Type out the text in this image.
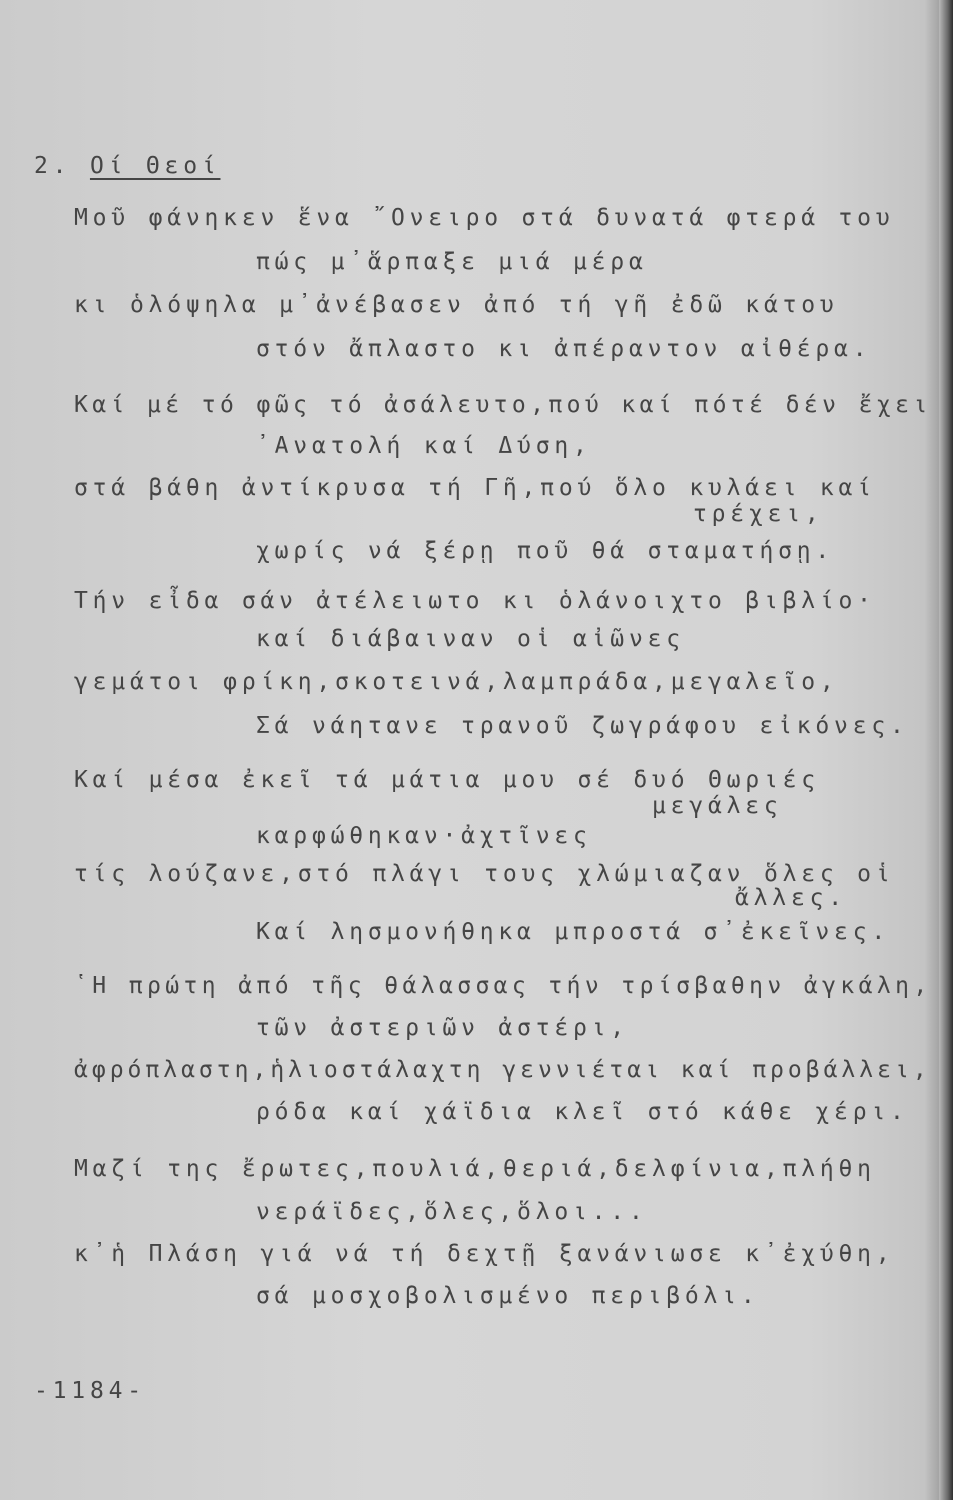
2. Οί Θεοί
Μοῦ φάνηκεν ἕνα ῎Ονειρο στά δυνατά φτερά του
πώς μ᾿ἅρπαξε μιά μέρα
κι ὁλόψηλα μ᾿ἀνέβασεν ἀπό τή γῆ ἐδῶ κάτου
στόν ἄπλαστο κι ἀπέραντον αἰθέρα.
Καί μέ τό φῶς τό ἀσάλευτο,πού καί πότέ δέν ἔχει
᾿Ανατολή καί Δύση,
στά βάθη ἀντίκρυσα τή Γῆ,πού ὅλο κυλάει καί
τρέχει,
χωρίς νά ξέρῃ ποῦ θά σταματήσῃ.
Τήν εἶδα σάν ἀτέλειωτο κι ὁλάνοιχτο βιβλίο·
καί διάβαιναν οἱ αἰῶνες
γεμάτοι φρίκη,σκοτεινά,λαμπράδα,μεγαλεῖο,
Σά νάητανε τρανοῦ ζωγράφου εἰκόνες.
Καί μέσα ἐκεῖ τά μάτια μου σέ δυό Θωριές
μεγάλες
καρφώθηκαν·ἀχτῖνες
τίς λούζανε,στό πλάγι τους χλώμιαζαν ὅλες οἱ
ἄλλες.
Καί λησμονήθηκα μπροστά σ᾿ἐκεῖνες.
῾Η πρώτη ἀπό τῆς θάλασσας τήν τρίσβαθην ἀγκάλη,
τῶν ἀστεριῶν ἀστέρι,
ἀφρόπλαστη,ἡλιοστάλαχτη γεννιέται καί προβάλλει,
ρόδα καί χάϊδια κλεῖ στό κάθε χέρι.
Μαζί της ἔρωτες,πουλιά,θεριά,δελφίνια,πλήθη
νεράϊδες,ὅλες,ὅλοι...
κ᾿ἡ Πλάση γιά νά τή δεχτῇ ξανάνιωσε κ᾿ἐχύθη,
σά μοσχοβολισμένο περιβόλι.
-1184-
